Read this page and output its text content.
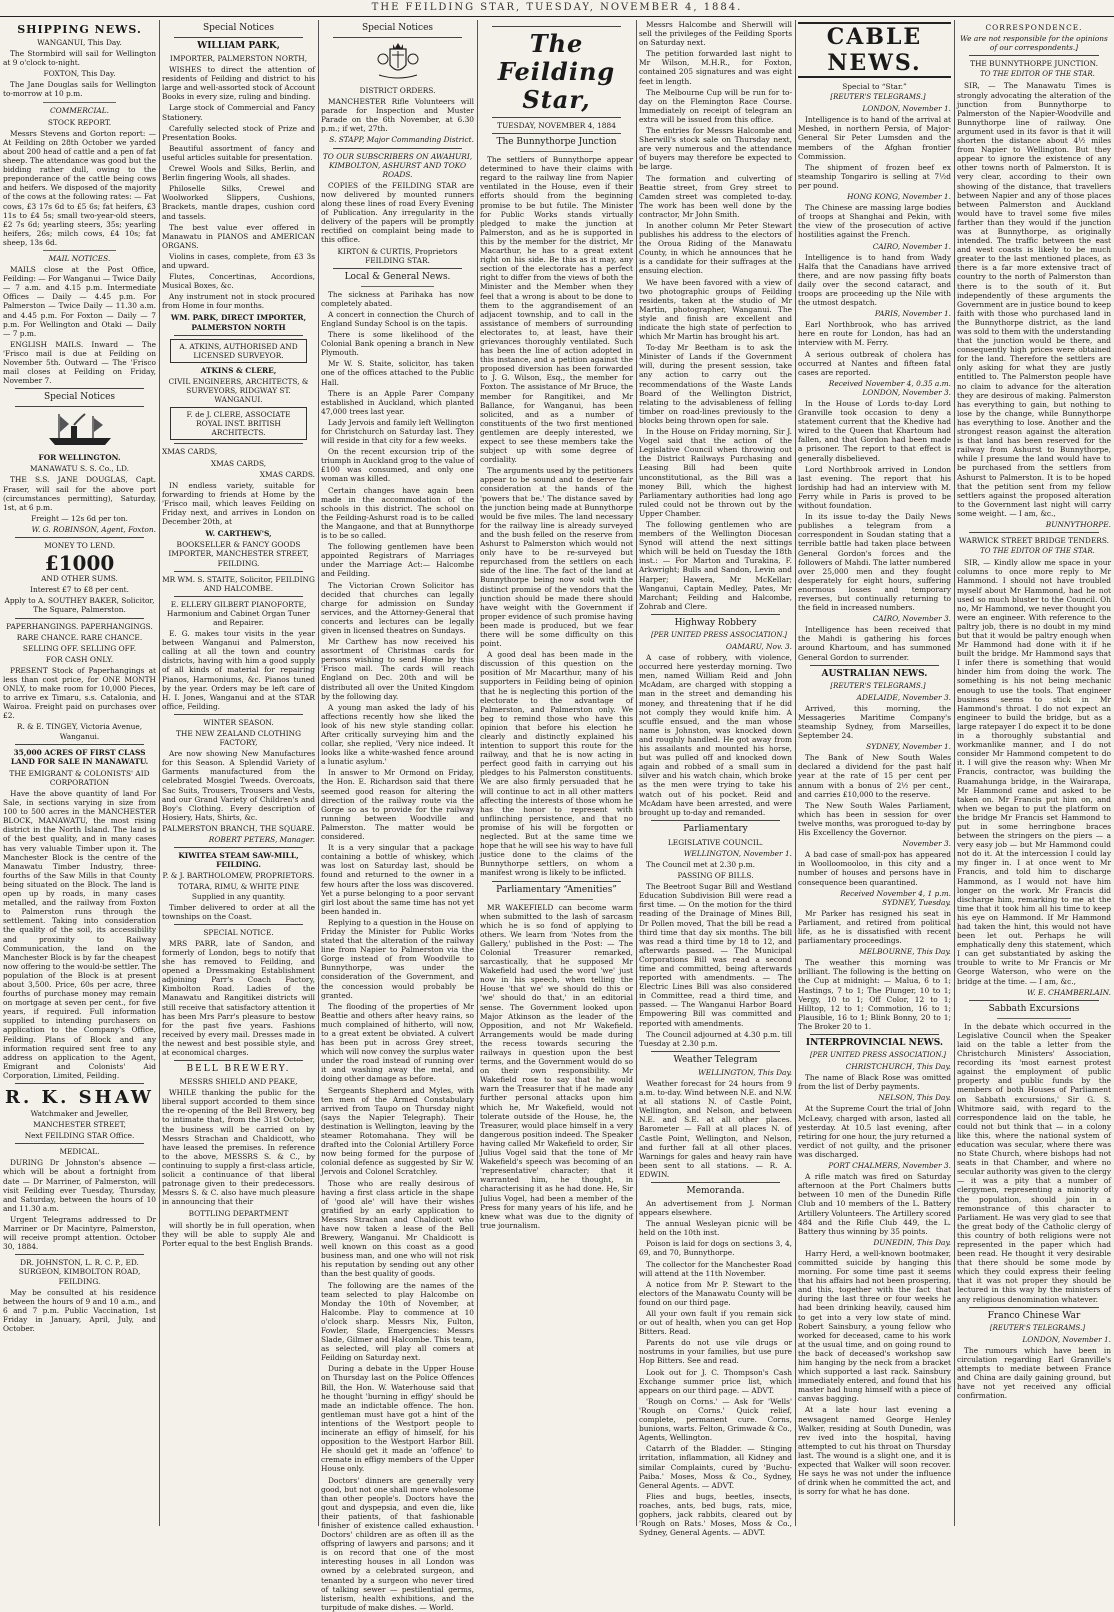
THE FEILDING STAR, TUESDAY, NOVEMBER 4, 1884.
SHIPPING NEWS.

WANGANUI, This Day.

The Stormbird will sail for Wellington at 9 o'clock to-night.

FOXTON, This Day.

The Jane Douglas sails for Wellington to-morrow at 10 p.m.

COMMERCIAL.
STOCK REPORT.

Messrs Stevens and Gorton report: — At Feilding on 28th October we yarded about 200 head of cattle and a pen of fat sheep. The attendance was good but the bidding rather dull, owing to the preponderance of the cattle being cows and heifers. We disposed of the majority of the cows at the following rates: — Fat cows, £3 17s 6d to £5 6s; fat heifers, £3 11s to £4 5s; small two-year-old steers, £2 7s 6d; yearling steers, 35s; yearling heifers, 26s; milch cows, £4 10s; fat sheep, 13s 6d.

MAIL NOTICES.

MAILS close at the Post Office, Feilding: — For Wanganui — Twice Daily — 7 a.m. and 4.15 p.m. Intermediate Offices — Daily — 4.45 p.m. For Palmerston — Twice Daily — 11.30 a.m. and 4.45 p.m. For Foxton — Daily — 7 p.m. For Wellington and Otaki — Daily — 7 p.m.

ENGLISH MAILS. Inward — The 'Frisco mail is due at Feilding on November 5th. Outward — The 'Frisco mail closes at Feilding on Friday, November 7.

Special Notices
FOR WELLINGTON.

MANAWATU S. S. Co., LD.

THE S.S. JANE DOUGLAS, Capt. Fraser, will sail for the above port (circumstances permitting), Saturday, 1st, at 6 p.m.

Freight — 12s 6d per ton.

W. G. ROBINSON, Agent, Foxton.

MONEY TO LEND.
£1000

AND OTHER SUMS.

Interest £7 to £8 per cent.

Apply to A. SOUTHEY BAKER, Solicitor, The Square, Palmerston.

PAPERHANGINGS. PAPERHANGINGS.

RARE CHANCE. RARE CHANCE.

SELLING OFF. SELLING OFF.

FOR CASH ONLY.

PRESENT Stock of Paperhangings at less than cost price, for ONE MONTH ONLY, to make room for 10,000 Pieces, to arrive ex Timaru, s.s. Catalonia, and Wairoa. Freight paid on purchases over £2.

R. & E. TINGEY, Victoria Avenue, Wanganui.

35,000 ACRES OF FIRST CLASS LAND FOR SALE IN MANAWATU.
THE EMIGRANT & COLONISTS' AID CORPORATION

Have the above quantity of land For Sale, in sections varying in size from 100 to 500 acres in the MANCHESTER BLOCK, MANAWATU, the most rising district in the North Island. The land is of the best quality, and in many cases has very valuable Timber upon it. The Manchester Block is the centre of the Manawatu Timber Industry, three-fourths of the Saw Mills in that County being situated on the Block. The land is open up by roads, in many cases metalled, and the railway from Foxton to Palmerston runs through the settlement. Taking into consideration the quality of the soil, its accessibility and proximity to Railway Communication, the land on the Manchester Block is by far the cheapest now offering to the would-be settler. The population of the Block is at present about 3,500. Price, 60s per acre, three fourths of purchase money may remain on mortgage at seven per cent., for five years, if required. Full information supplied to intending purchasers on application to the Company's Office, Feilding. Plans of Block and any information required sent free to any address on application to the Agent, Emigrant and Colonists' Aid Corporation, Limited, Feilding.

R. K. SHAW

Watchmaker and Jeweller,

MANCHESTER STREET,

Next FEILDING STAR Office.

MEDICAL.

DURING Dr Johnston's absence — which will be about a fortnight from date — Dr Marriner, of Palmerston, will visit Feilding ever Tuesday, Thursday, and Saturday, between the hours of 10 and 11.30 a.m.

Urgent Telegrams addressed to Dr Marriner or Dr Macintyre, Palmerston, will receive prompt attention. October 30, 1884.

DR. JOHNSTON, L. R. C. P., ED. SURGEON, KIMBOLTON ROAD, FEILDING.

May be consulted at his residence between the hours of 9 and 10 a.m., and 6 and 7 p.m. Public Vaccination, 1st Friday in January, April, July, and October.

Special Notices
WILLIAM PARK,

IMPORTER, PALMERSTON NORTH,

WISHES to direct the attention of residents of Feilding and district to his large and well-assorted stock of Account Books in every size, ruling and binding.

Large stock of Commercial and Fancy Stationery.

Carefully selected stock of Prize and Presentation Books.

Beautiful assortment of fancy and useful articles suitable for presentation.

Crewel Wools and Silks, Berlin, and Berlin fingering Wools, all shades.

Philoselle Silks, Crewel and Woolworked Slippers, Cushions, Brackets, mantle drapes, cushion cord and tassels.

The best value ever offered in Manawatu in PIANOS and AMERICAN ORGANS.

Violins in cases, complete, from £3 3s and upward.

Flutes, Concertinas, Accordions, Musical Boxes, &c.

Any instrument not in stock procured from Home in four months.

WM. PARK, DIRECT IMPORTER, PALMERSTON NORTH
A. ATKINS, AUTHORISED AND LICENSED SURVEYOR.
ATKINS & CLERE,

CIVIL ENGINEERS, ARCHITECTS, & SURVEYORS, RIDGWAY ST. WANGANUI.

F. de J. CLERE, ASSOCIATE ROYAL INST. BRITISH ARCHITECTS.

XMAS CARDS,

XMAS CARDS,

XMAS CARDS.

IN endless variety, suitable for forwarding to friends at Home by the 'Frisco mail, which leaves Feilding on Friday next, and arrives in London on December 20th, at

W. CARTHEW'S,

BOOKSELLER & FANCY GOODS IMPORTER, MANCHESTER STREET, FEILDING.

MR WM. S. STAITE, Solicitor, FEILDING AND HALCOMBE.

E. ELLERY GILBERT PIANOFORTE, Harmonium and Cabinet Organ Tuner and Repairer.

E. G. makes tour visits in the year between Wanganui and Palmerston, calling at all the town and country districts, having with him a good supply of all kinds of material for repairing Pianos, Harmoniums, &c. Pianos tuned by the year. Orders may be left care of H. I. Jones, Wanganui and at the STAR office, Feilding.

WINTER SEASON.

THE NEW ZEALAND CLOTHING FACTORY,

Are now showing New Manufactures for this Season. A Splendid Variety of Garments manufactured from the celebrated Mosgiel Tweeds. Overcoats, Sac Suits, Trousers, Trousers and Vests, and our Grand Variety of Children's and Boy's Clothing. Every description of Hosiery, Hats, Shirts, &c.

PALMERSTON BRANCH, THE SQUARE.

ROBERT PETERS, Manager.

KIWITEA STEAM SAW-MILL, FEILDING.

P. & J. BARTHOLOMEW, PROPRIETORS.

TOTARA, RIMU, & WHITE PINE Supplied in any quantity.

Timber delivered to order at all the townships on the Coast.

SPECIAL NOTICE.

MRS PARR, late of Sandon, and formerly of London, begs to notify that she has removed to Feilding, and opened a Dressmaking Establishment adjoining Parr's Coach Factory, Kimbolton Road. Ladies of the Manawatu and Rangitikei districts will still receive that satisfactory attention it has been Mrs Parr's pleasure to bestow for the past five years. Fashions received by every mail. Dresses made in the newest and best possible style, and at economical charges.

BELL BREWERY.

MESSRS SHIELD AND PEAKE,

WHILE thanking the public for the liberal support accorded to them since the re-opening of the Bell Brewery, beg to intimate that, from the 31st October, the business will be carried on by Messrs Strachan and Chaldicott, who have leased the premises. In reference to the above, MESSRS S. & C., by continuing to supply a first-class article, solicit a continuance of that liberal patronage given to their predecessors. Messrs S. & C. also have much pleasure in announcing that their

BOTTLING DEPARTMENT

will shortly be in full operation, when they will be able to supply Ale and Porter equal to the best English Brands.

Special Notices
DISTRICT ORDERS.

MANCHESTER Rifle Volunteers will parade for Inspection and Muster Parade on the 6th November, at 6.30 p.m.; if wet, 27th.

S. STAPP, Major Commanding District.

TO OUR SUBSCRIBERS ON AWAHURI, KIMBOLTON, ASHURST AND TOKO ROADS.

COPIES of the FEILDING STAR are now delivered by mounted runners along these lines of road Every Evening of Publication. Any irregularity in the delivery of the papers will be promptly rectified on complaint being made to this office.

KIRTON & CURTIS, Proprietors FEILDING STAR.

Local & General News.

The sickness at Parihaka has now completely abated.

A concert in connection the Church of England Sunday School is on the tapis.

There is some likelihood of the Colonial Bank opening a branch in New Plymouth.

Mr W. S. Staite, solicitor, has taken one of the offices attached to the Public Hall.

There is an Apple Parer Company established in Auckland, which planted 47,000 trees last year.

Lady Jervois and family left Wellington for Christchurch on Saturday last. They will reside in that city for a few weeks.

On the recent excursion trip of the triumph in Auckland grog to the value of £100 was consumed, and only one woman was killed.

Certain changes have again been made in the accommodation of the schools in this district. The school on the Feilding-Ashurst road is to be called the Mangaone, and that at Bunnythorpe is to be so called.

The following gentlemen have been appointed Registrars of Marriages under the Marriage Act:— Halcombe and Feilding.

The Victorian Crown Solicitor has decided that churches can legally charge for admission on Sunday services, and the Attorney-General that concerts and lectures can be legally given in licensed theatres on Sundays.

Mr Carthew has now received his assortment of Christmas cards for persons wishing to send Home by this 'Frisco mail. The cards will reach England on Dec. 20th and will be distributed all over the United Kingdom by the following day.

A young man asked the lady of his affections recently how she liked the look of his new style standing collar. After critically surveying him and the collar, she replied, 'Very nice indeed. It looks like a white-washed fence around a lunatic asylum.'

In answer to Mr Ormond on Friday, the Hon. E. Richardson said that there seemed good reason for altering the direction of the railway route via the Gorge so as to provide for the railway running between Woodville and Palmerston. The matter would be considered.

It is a very singular that a package containing a bottle of whiskey, which was lost on Saturday last, should be found and returned to the owner in a few hours after the loss was discovered. Yet a purse belonging to a poor servant girl lost about the same time has not yet been handed in.

Replying to a question in the House on Friday the Minister for Public Works stated that the alteration of the railway line from Napier to Palmerston via the Gorge instead of from Woodville to Bunnythorpe, was under the consideration of the Government, and the concession would probably be granted.

The flooding of the properties of Mr Beattie and others after heavy rains, so much complained of hitherto, will now, to a great extent be obviated. A culvert has been put in across Grey street, which will now convey the surplus water under the road instead of running over it and washing away the metal, and doing other damage as before.

Sergeants Shepherd and Myles, with ten men of the Armed Constabulary arrived from Taupo on Thursday night (says the Napier Telegraph). Their destination is Wellington, leaving by the steamer Rotomahana. They will be drafted into the Colonial Artillery Force now being formed for the purpose of colonial defence as suggested by Sir W. Jervois and Colonel Scratchley.

Those who are really desirous of having a first class article in the shape of 'good ale' will have their wishes gratified by an early application to Messrs Strachan and Chaldicott who have now taken a lease of the Bell Brewery, Wanganui. Mr Chaldicott is well known on this coast as a good business man, and one who will not risk his reputation by sending out any other than the best quality of goods.

The following are the names of the team selected to play Halcombe on Monday the 10th of November, at Halcombe. Play to commence at 10 o'clock sharp. Messrs Nix, Fulton, Fowler, Slade, Emergencies: Messrs Slade, Gilmer and Halcombe. This team, as selected, will play all comers at Feilding on Saturday next.

During a debate in the Upper House on Thursday last on the Police Offences Bill, the Hon. W. Waterhouse said that he thought 'burning in effigy' should be made an indictable offence. The hon. gentleman must have got a hint of the intentions of the Westport people to incinerate an effigy of himself, for his opposition to the Westport Harbor Bill. He should get it made an 'offence' to cremate in effigy members of the Upper House only.

Doctors' dinners are generally very good, but not one shall more wholesome than other people's. Doctors have the gout and dyspepsia, and even die, like their patients, of that fashionable finisher of existence called exhaustion. Doctors' children are as often ill as the offspring of lawyers and parsons; and it is on record that one of the most interesting houses in all London was owned by a celebrated surgeon, and tenanted by a surgeon who never tired of talking sewer — pestilential germs, listerism, health exhibitions, and the turpitude of make dishes. — World.

The Feilding Star,

TUESDAY, NOVEMBER 4, 1884

The Bunnythorpe Junction

The settlers of Bunnythorpe appear determined to have their claims with regard to the railway line from Napier ventilated in the House, even if their efforts should from the beginning promise to be but futile. The Minister for Public Works stands virtually pledged to make the junction at Palmerston, and as he is supported in this by the member for the district, Mr Macarthur, he has to a great extent right on his side. Be this as it may, any section of the electorate has a perfect right to differ from the views of both the Minister and the Member when they feel that a wrong is about to be done to them to the aggrandisement of an adjacent township, and to call in the assistance of members of surrounding electorates to, at least, have their grievances thoroughly ventilated. Such has been the line of action adopted in this instance, and a petition against the proposed diversion has been forwarded to J. G. Wilson, Esq., the member for Foxton. The assistance of Mr Bruce, the member for Rangitikei, and Mr Ballance, for Wanganui, has been solicited, and as a number of constituents of the two first mentioned gentlemen are deeply interested, we expect to see these members take the subject up with some degree of cordiality.

The arguments used by the petitioners appear to be sound and to deserve fair consideration at the hands of the 'powers that be.' The distance saved by the junction being made at Bunnythorpe would be five miles. The land necessary for the railway line is already surveyed and the bush felled on the reserve from Ashurst to Palmerston which would not only have to be re-surveyed but repurchased from the settlers on each side of the line. The fact of the land at Bunnythorpe being now sold with the distinct promise of the vendors that the junction should be made there should have weight with the Government if proper evidence of such promise having been made is produced, but we fear there will be some difficulty on this point.

A good deal has been made in the discussion of this question on the position of Mr Macarthur, many of his supporters in Feilding being of opinion that he is neglecting this portion of the electorate to the advantage of Palmerston, and Palmerston only. We beg to remind those who have this opinion that before his election he clearly and distinctly explained his intention to support this route for the railway, and that he is now acting in perfect good faith in carrying out his pledges to his Palmerston constituents. We are also firmly persuaded that he will continue to act in all other matters affecting the interests of those whom he has the honor to represent with unflinching persistence, and that no promise of his will be forgotten or neglected. But at the same time we hope that he will see his way to have full justice done to the claims of the Bunnythorpe settlers, on whom a manifest wrong is likely to be inflicted.

Parliamentary “Amenities”

MR WAKEFIELD can become warm when submitted to the lash of sarcasm which he is so fond of applying to others. We learn from 'Notes from the Gallery,' published in the Post: — The Colonial Treasurer remarked, sarcastically, that he supposed Mr Wakefield had used the word 'we' just now in his speech, when telling the House 'that we' we should do this or 'we' should do that,' in an editorial sense. The Government looked upon Major Atkinson as the leader of the Opposition, and not Mr Wakefield. Arrangements would be made during the recess towards securing the railways in question upon the best terms, and the Government would do so on their own responsibility. Mr Wakefield rose to say that he would warn the Treasurer that if he made any further personal attacks upon him which he, Mr Wakefield, would not tolerate outside of the House, he, the Treasurer, would place himself in a very dangerous position indeed. The Speaker having called Mr Wakefield to order, Sir Julius Vogel said that the tone of Mr Wakefield's speech was becoming of an 'representative' character; that it warranted him, he thought, in characterising it as he had done. He, Sir Julius Vogel, had been a member of the Press for many years of his life, and he knew what was due to the dignity of true journalism.

Messrs Halcombe and Sherwill will sell the privileges of the Feilding Sports on Saturday next.

The petition forwarded last night to Mr Wilson, M.H.R., for Foxton, contained 205 signatures and was eight feet in length.

The Melbourne Cup will be run for to-day on the Flemington Race Course. Immediately on receipt of telegram an extra will be issued from this office.

The entries for Messrs Halcombe and Sherwill's stock sale on Thursday next, are very numerous and the attendance of buyers may therefore be expected to be large.

The formation and culverting of Beattie street, from Grey street to Camden street was completed to-day. The work has been well done by the contractor, Mr John Smith.

In another column Mr Peter Stewart publishes his address to the electors of the Oroua Riding of the Manawatu County, in which he announces that he is a candidate for their suffrages at the ensuing election.

We have been favored with a view of two photographic groups of Feilding residents, taken at the studio of Mr Martin, photographer, Wanganui. The style and finish are excellent and indicate the high state of perfection to which Mr Martin has brought his art.

To-day Mr Beetham is to ask the Minister of Lands if the Government will, during the present session, take any action to carry out the recommendations of the Waste Lands Board of the Wellington District, relating to the advisableness of felling timber on road-lines previously to the blocks being thrown open for sale.

In the House on Friday morning, Sir J. Vogel said that the action of the Legislative Council when throwing out the District Railways Purchasing and Leasing Bill had been quite unconstitutional, as the Bill was a money Bill, which the highest Parliamentary authorities had long ago ruled could not be thrown out by the Upper Chamber.

The following gentlemen who are members of the Wellington Diocesan Synod will attend the next sittings which will be held on Tuesday the 18th inst.: — For Marton and Turakina, F. Arkwright; Bulls and Sandon, Levin and Harper; Hawera, Mr McKellar; Wanganui, Captain Medley, Pates, Mr Marchant; Feilding and Halcombe, Zohrab and Clere.

Highway Robbery

[PER UNITED PRESS ASSOCIATION.]

OAMARU, Nov. 3.

A case of robbery, with violence, occurred here yesterday morning. Two men, named William Reid and John McAdam, are charged with stopping a man in the street and demanding his money, and threatening that if he did not comply they would knife him. A scuffle ensued, and the man whose name is Johnston, was knocked down and roughly handled. He got away from his assailants and mounted his horse, but was pulled off and knocked down again and robbed of a small sum in silver and his watch chain, which broke as the men were trying to take his watch out of his pocket. Reid and McAdam have been arrested, and were brought up to-day and remanded.

Parliamentary
LEGISLATIVE COUNCIL.

WELLINGTON, November 1.

The Council met at 2.30 p.m.

PASSING OF BILLS.

The Beetroot Sugar Bill and Westland Education Subdivision Bill were read a first time. — On the motion for the third reading of the Drainage of Mines Bill, Dr Pollen moved, That the bill be read a third time that day six months. The bill was read a third time by 18 to 12, and afterwards passed. — The Municipal Corporations Bill was read a second time and committed, being afterwards reported with amendments. — The Electric Lines Bill was also considered in Committee, read a third time, and passed. — The Wanganui Harbor Board Empowering Bill was committed and reported with amendments.

The Council adjourned at 4.30 p.m. till Tuesday at 2.30 p.m.

Weather Telegram

WELLINGTON, This Day.

Weather forecast for 24 hours from 9 a.m. to-day. Wind between N.E. and N.W. at all stations N. of Castle Point, Wellington, and Nelson, and between N.E. and S.E. at all other places. Barometer — Fall at all places N. of Castle Point, Wellington, and Nelson, and further fall at all other places. Warnings for gales and heavy rain have been sent to all stations. — R. A. EDWIN.

Memoranda.

An advertisement from J. Norman appears elsewhere.

The annual Wesleyan picnic will be held on the 10th inst.

Poison is laid for dogs on sections 3, 4, 69, and 70, Bunnythorpe.

The collector for the Manchester Road will attend at the 11th November.

A notice from Mr P. Stewart to the electors of the Manawatu County will be found on our third page.

All your own fault if you remain sick or out of health, when you can get Hop Bitters. Read.

Parents do not use vile drugs or nostrums in your families, but use pure Hop Bitters. See and read.

Look out for J. C. Thompson's Cash Exchange summer price list, which appears on our third page. — ADVT.

'Rough on Corns.' — Ask for 'Wells' 'Rough on Corns.' Quick relief, complete, permanent cure. Corns, bunions, warts. Felton, Grimwade & Co., Agents, Wellington.

Catarrh of the Bladder. — Stinging irritation, inflammation, all Kidney and similar Complaints, cured by 'Buchu-Paiba.' Moses, Moss & Co., Sydney, General Agents. — ADVT.

Flies and bugs, beetles, insects, roaches, ants, bed bugs, rats, mice, gophers, jack rabbits, cleared out by 'Rough on Rats.' Moses, Moss & Co., Sydney, General Agents. — ADVT.

CABLE NEWS.
Special to “Star.”

[REUTER'S TELEGRAMS.]

LONDON, November 1.

Intelligence is to hand of the arrival at Meshed, in northern Persia, of Major-General Sir Peter Lumsden and the members of the Afghan frontier Commission.

The shipment of frozen beef ex steamship Tongariro is selling at 7½d per pound.

HONG KONG, November 1.

The Chinese are massing large bodies of troops at Shanghai and Pekin, with the view of the prosecution of active hostilities against the French.

CAIRO, November 1.

Intelligence is to hand from Wady Halfa that the Canadians have arrived there, and are now passing fifty boats daily over the second cataract, and troops are proceeding up the Nile with the utmost despatch.

PARIS, November 1.

Earl Northbrook, who has arrived here en route for London, has had an interview with M. Ferry.

A serious outbreak of cholera has occurred at Nantes and fifteen fatal cases are reported.

Received November 4, 0.35 a.m. LONDON, November 3.

In the House of Lords to-day Lord Granville took occasion to deny a statement current that the Khedive had wired to the Queen that Khartoum had fallen, and that Gordon had been made a prisoner. The report to that effect is generally disbelieved.

Lord Northbrook arrived in London last evening. The report that his lordship had had an interview with M. Ferry while in Paris is proved to be without foundation.

In its issue to-day the Daily News publishes a telegram from a correspondent in Soudan stating that a terrible battle had taken place between General Gordon's forces and the followers of Mahdi. The latter numbered over 25,000 men and they fought desperately for eight hours, suffering enormous losses and temporary reverses, but continually returning to the field in increased numbers.

CAIRO, November 3.

Intelligence has been received that the Mahdi is gathering his forces around Khartoum, and has summoned General Gordon to surrender.

AUSTRALIAN NEWS.

[REUTER'S TELEGRAMS.]

ADELAIDE, November 3.

Arrived, this morning, the Messageries Maritime Company's steamship Sydney, from Marseilles, September 24.

SYDNEY, November 1.

The Bank of New South Wales declared a dividend for the past half year at the rate of 15 per cent per annum with a bonus of 2½ per cent., and carries £10,000 to the reserve.

The New South Wales Parliament, which has been in session for over twelve months, was prorogued to-day by His Excellency the Governor.

November 3.

A bad case of small-pox has appeared in Woolloomooloo, in this city and a number of houses and persons have in consequence been quarantined.

Received November 4, 1 p.m. SYDNEY, Tuesday.

Mr Parker has resigned his seat in Parliament, and retired from political life, as he is dissatisfied with recent parliamentary proceedings.

MELBOURNE, This Day.

The weather this morning was brilliant. The following is the betting on the Cup at midnight: — Malua, 6 to 1; Hastings, 7 to 1; The Plunger, 10 to 1; Vergy, 10 to 1; Off Color, 12 to 1; Hilltop, 12 to 1; Commotion, 16 to 1; Plausible, 16 to 1; Blink Bonny, 20 to 1; The Broker 20 to 1.

INTERPROVINCIAL NEWS.

[PER UNITED PRESS ASSOCIATION.]

CHRISTCHURCH, This Day.

The name of Black Rose was omitted from the list of Derby payments.

NELSON, This Day.

At the Supreme Court the trial of John McLeavy, charged with arson, lasted all yesterday. At 10.5 last evening, after retiring for one hour, the jury returned a verdict of not guilty, and the prisoner was discharged.

PORT CHALMERS, November 3.

A rifle match was fired on Saturday afternoon at the Port Chalmers butts between 10 men of the Dunedin Rifle Club and 10 members of the L. Battery Artillery Volunteers. The Artillery scored 484 and the Rifle Club 449, the L. Battery thus winning by 35 points.

DUNEDIN, This Day.

Harry Herd, a well-known bootmaker, committed suicide by hanging this morning. For some time past it seems that his affairs had not been prospering, and this, together with the fact that during the last three or four weeks he had been drinking heavily, caused him to get into a very low state of mind. Robert Sainsbury, a young fellow who worked for deceased, came to his work at the usual time, and on going round to the back of deceased's workshop saw him hanging by the neck from a bracket which supported a last rack. Sainsbury immediately entered, and found that his master had hung himself with a piece of canvas bagging.

At a late hour last evening a newsagent named George Henley Walker, residing at South Dunedin, was rev ived into the hospital, having attempted to cut his throat on Thursday last. The wound is a slight one, and it is expected that Walker will soon recover. He says he was not under the influence of drink when he committed the act, and is sorry for what he has done.

CORRESPONDENCE.

We are not responsible for the opinions of our correspondents.]

THE BUNNYTHORPE JUNCTION.

TO THE EDITOR OF THE STAR.

SIR, — The Manawatu Times is strongly advocating the alteration of the junction from Bunnythorpe to Palmerston of the Napier-Woodville and Bunnythorpe line of railway. One argument used in its favor is that it will shorten the distance about 4½ miles from Napier to Wellington. But they appear to ignore the existence of any other towns north of Palmerston. It is very clear, according to their own showing of the distance, that travellers between Napier and any of those places between Palmerston and Auckland would have to travel some five miles farther than they would if the junction was at Bunnythorpe, as originally intended. The traffic between the east and west coasts is likely to be much greater to the last mentioned places, as there is a far more extensive tract of country to the north of Palmerston than there is to the south of it. But independently of these arguments the Government are in justice bound to keep faith with those who purchased land in the Bunnythorpe district, as the land was sold to them with the understanding that the junction would be there, and consequently high prices were obtained for the land. Therefore the settlers are only asking for what they are justly entitled to. The Palmerston people have no claim to advance for the alteration they are desirous of making. Palmerston has everything to gain, but nothing to lose by the change, while Bunnythorpe has everything to lose. Another and the strongest reason against the alteration is that land has been reserved for the railway from Ashurst to Bunnythorpe, while I presume the land would have to be purchased from the settlers from Ashurst to Palmerston. It is to be hoped that the petition sent from my fellow settlers against the proposed alteration to the Government last night will carry some weight. — I am, &c.,

BUNNYTHORPE.

WARWICK STREET BRIDGE TENDERS.

TO THE EDITOR OF THE STAR.

SIR, — Kindly allow me space in your columns to once more reply to Mr Hammond. I should not have troubled myself about Mr Hammond, had he not used so much bluster to the Council. Oh no, Mr Hammond, we never thought you were an engineer. With reference to the paltry job, there is no doubt in my mind but that it would be paltry enough when Mr Hammond had done with it if he built the bridge. Mr Hammond says that I infer there is something that would hinder him from doing the work. The something is his not being mechanic enough to use the tools. That engineer business seems to stick in Mr Hammond's throat. I do not expect an engineer to build the bridge, but as a large ratepayer I do expect it to be done in a thoroughly substantial and workmanlike manner, and I do not consider Mr Hammond competent to do it. I will give the reason why: When Mr Francis, contractor, was building the Ruamahunga bridge, in the Wairarapa, Mr Hammond came and asked to be taken on. Mr Francis put him on, and when we began to put the platform on the bridge Mr Francis set Hammond to put in some herringbone braces between the stringers on the piers — a very easy job — but Mr Hammond could not do it. At the intercession I could lay my finger in. I at once went to Mr Francis, and told him to discharge Hammond, as I would not have him longer on the work. Mr Francis did discharge him, remarking to me at the time that it took him all his time to keep his eye on Hammond. If Mr Hammond had taken the hint, this would not have been let out. Perhaps he will emphatically deny this statement, which I can get substantiated by asking the trouble to write to Mr Francis or Mr George Waterson, who were on the bridge at the time. — I am, &c.,

W. E. CHAMBERLAIN.

Sabbath Excursions

In the debate which occurred in the Legislative Council when the Speaker laid on the table a letter from the Christchurch Ministers' Association, recording its 'most earnest protest against the employment of public property and public funds by the members of both Houses of Parliament on Sabbath excursions,' Sir G. S. Whitmore said, with regard to the correspondence laid on the table, he could not but think that — in a colony like this, where the national system of education was secular, where there was no State Church, where bishops had not seats in that Chamber, and where no secular authority was given to the clergy — it was a pity that a number of clergymen, representing a minority of the population, should join in a remonstrance of this character to Parliament. He was very glad to see that the great body of the Catholic clergy of this country of both religions were not represented in the paper which had been read. He thought it very desirable that there should be some mode by which they could express their feeling that it was not proper they should be lectured in this way by the ministers of any religious denomination whatever.

Franco Chinese War

[REUTER'S TELEGRAMS.]

LONDON, November 1.

The rumours which have been in circulation regarding Earl Granville's attempts to mediate between France and China are daily gaining ground, but have not yet received any official confirmation.
